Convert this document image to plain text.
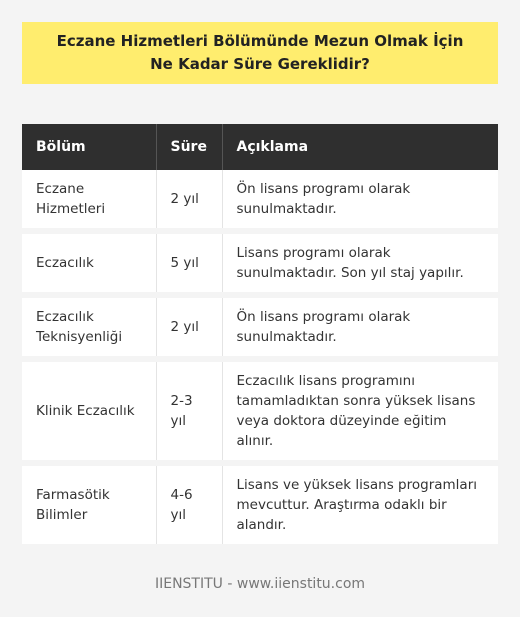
Eczane Hizmetleri Bölümünde Mezun Olmak İçin Ne Kadar Süre Gereklidir?
Bölüm	Süre	Açıklama
Eczane Hizmetleri	2 yıl	Ön lisans programı olarak sunulmaktadır.
Eczacılık	5 yıl	Lisans programı olarak sunulmaktadır. Son yıl staj yapılır.
Eczacılık Teknisyenliği	2 yıl	Ön lisans programı olarak sunulmaktadır.
Klinik Eczacılık	2-3 yıl	Eczacılık lisans programını tamamladıktan sonra yüksek lisans veya doktora düzeyinde eğitim alınır.
Farmasötik Bilimler	4-6 yıl	Lisans ve yüksek lisans programları mevcuttur. Araştırma odaklı bir alandır.
IIENSTITU - www.iienstitu.com
